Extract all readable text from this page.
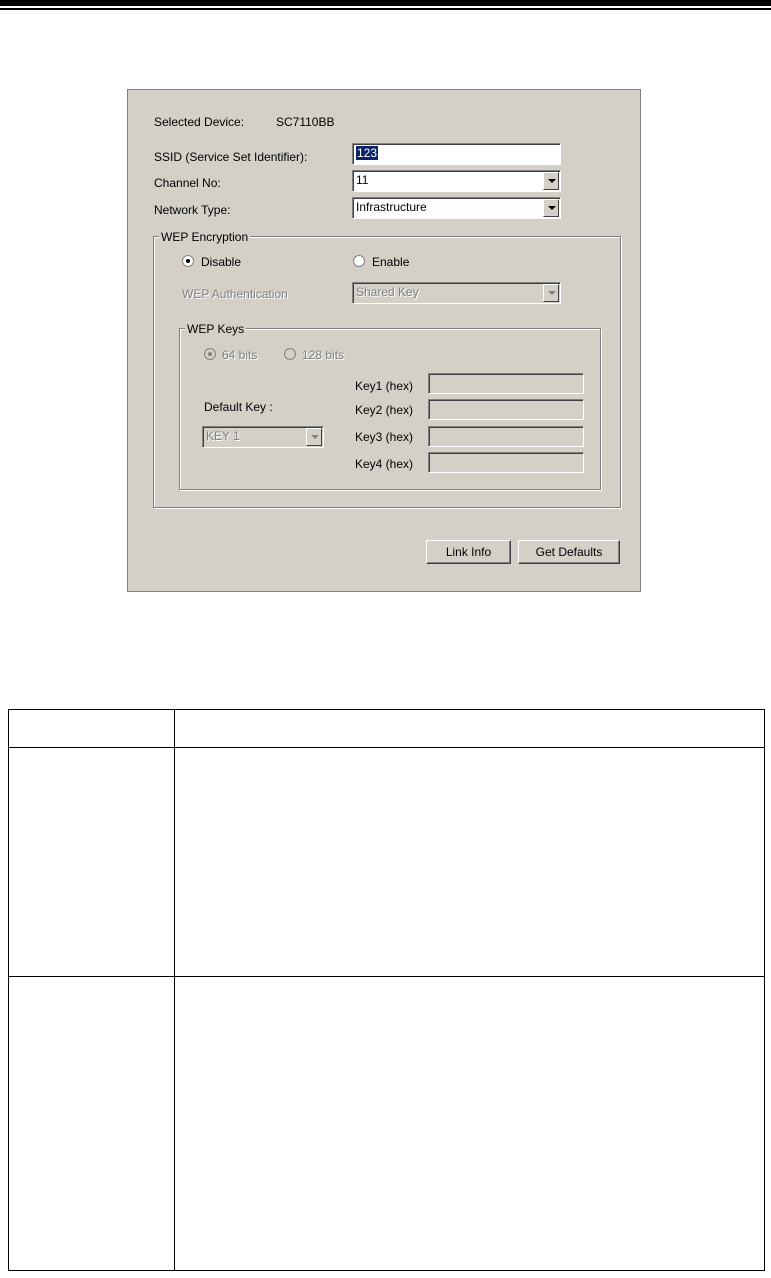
Selected Device:	SC7110BB
SSID (Service Set Identifier):	123
Channel No:	11
Network Type:	Infrastructure
WEP Encryption
Disable	Enable
WEP Authentication	Shared Key
WEP Keys
64 bits	128 bits
Default Key :
KEY 1
Key1 (hex)
Key2 (hex)
Key3 (hex)
Key4 (hex)
Link Info	Get Defaults
